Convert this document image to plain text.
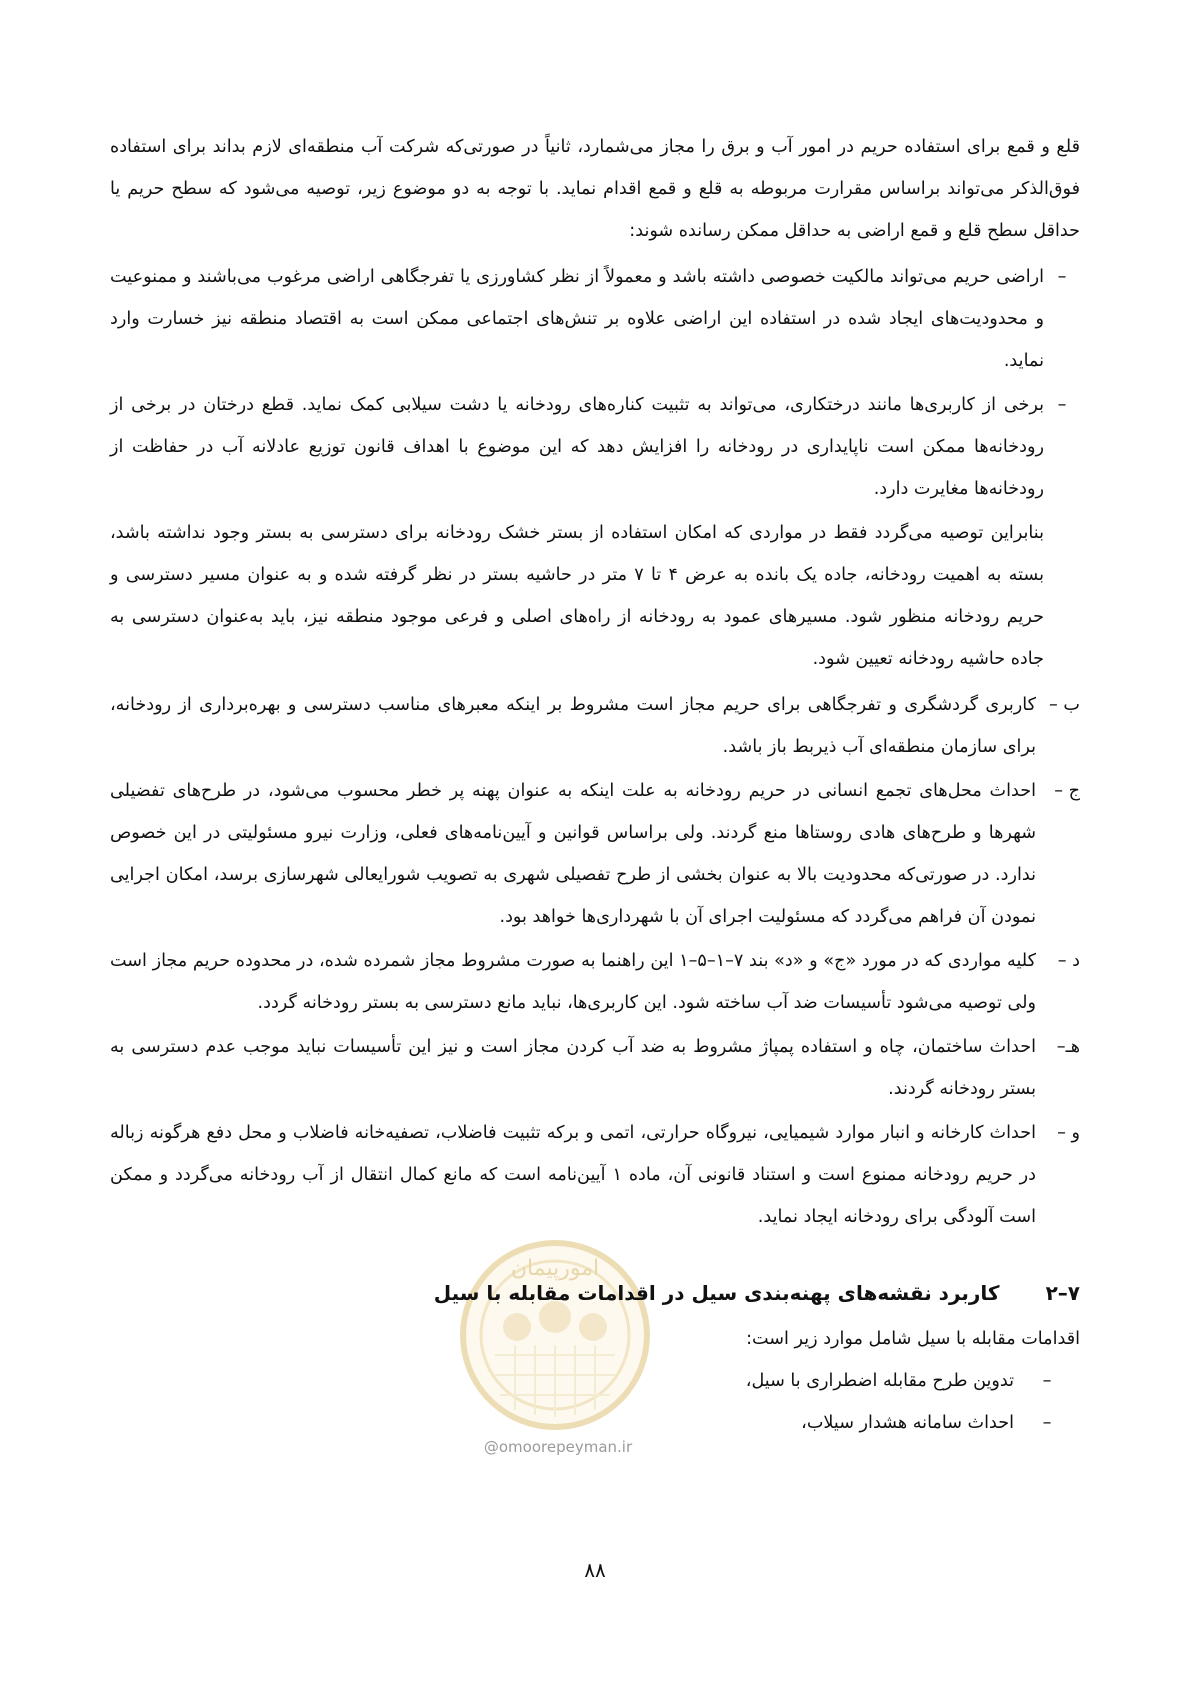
قلع و قمع برای استفاده حریم در امور آب و برق را مجاز می‌شمارد، ثانیاً در صورتی‌که شرکت آب منطقه‌ای لازم بداند برای استفاده فوق‌الذکر می‌تواند براساس مقرارت مربوطه به قلع و قمع اقدام نماید. با توجه به دو موضوع زیر، توصیه می‌شود که سطح حریم یا حداقل سطح قلع و قمع اراضی به حداقل ممکن رسانده شوند:

–

اراضی حریم می‌تواند مالکیت خصوصی داشته باشد و معمولاً از نظر کشاورزی یا تفرجگاهی اراضی مرغوب می‌باشند و ممنوعیت و محدودیت‌های ایجاد شده در استفاده این اراضی علاوه بر تنش‌های اجتماعی ممکن است به اقتصاد منطقه نیز خسارت وارد نماید.

–

برخی از کاربری‌ها مانند درختکاری، می‌تواند به تثبیت کناره‌های رودخانه یا دشت سیلابی کمک نماید. قطع درختان در برخی از رودخانه‌ها ممکن است ناپایداری در رودخانه را افزایش دهد که این موضوع با اهداف قانون توزیع عادلانه آب در حفاظت از رودخانه‌ها مغایرت دارد.

بنابراین توصیه می‌گردد فقط در مواردی که امکان استفاده از بستر خشک رودخانه برای دسترسی به بستر وجود نداشته باشد، بسته به اهمیت رودخانه، جاده یک بانده به عرض ۴ تا ۷ متر در حاشیه بستر در نظر گرفته شده و به عنوان مسیر دسترسی و حریم رودخانه منظور شود. مسیرهای عمود به رودخانه از راه‌های اصلی و فرعی موجود منطقه نیز، باید به‌عنوان دسترسی به جاده حاشیه رودخانه تعیین شود.

ب –

کاربری گردشگری و تفرجگاهی برای حریم مجاز است مشروط بر اینکه معبرهای مناسب دسترسی و بهره‌برداری از رودخانه، برای سازمان منطقه‌ای آب ذیربط باز باشد.

ج –

احداث محل‌های تجمع انسانی در حریم رودخانه به علت اینکه به عنوان پهنه پر خطر محسوب می‌شود، در طرح‌های تفضیلی شهرها و طرح‌های هادی روستاها منع گردند. ولی براساس قوانین و آیین‌نامه‌های فعلی، وزارت نیرو مسئولیتی در این خصوص ندارد. در صورتی‌که محدودیت بالا به عنوان بخشی از طرح تفصیلی شهری به تصویب شورایعالی شهرسازی برسد، امکان اجرایی نمودن آن فراهم می‌گردد که مسئولیت اجرای آن با شهرداری‌ها خواهد بود.

د –

کلیه مواردی که در مورد «ج» و «د» بند ۷–۱–۵–۱ این راهنما به صورت مشروط مجاز شمرده شده، در محدوده حریم مجاز است ولی توصیه می‌شود تأسیسات ضد آب ساخته شود. این کاربری‌ها، نباید مانع دسترسی به بستر رودخانه گردد.

هـ–

احداث ساختمان، چاه و استفاده پمپاژ مشروط به ضد آب کردن مجاز است و نیز این تأسیسات نباید موجب عدم دسترسی به بستر رودخانه گردند.

و –

احداث کارخانه و انبار موارد شیمیایی، نیروگاه حرارتی، اتمی و برکه تثبیت فاضلاب، تصفیه‌خانه فاضلاب و محل دفع هرگونه زباله در حریم رودخانه ممنوع است و استناد قانونی آن، ماده ۱ آیین‌نامه است که مانع کمال انتقال از آب رودخانه می‌گردد و ممکن است آلودگی برای رودخانه ایجاد نماید.

۷–۲
کاربرد نقشه‌های پهنه‌بندی سیل در اقدامات مقابله با سیل

اقدامات مقابله با سیل شامل موارد زیر است:

–
تدوین طرح مقابله اضطراری با سیل،
–
احداث سامانه هشدار سیلاب،
امورپیمان
@omoorepeyman.ir
۸۸
